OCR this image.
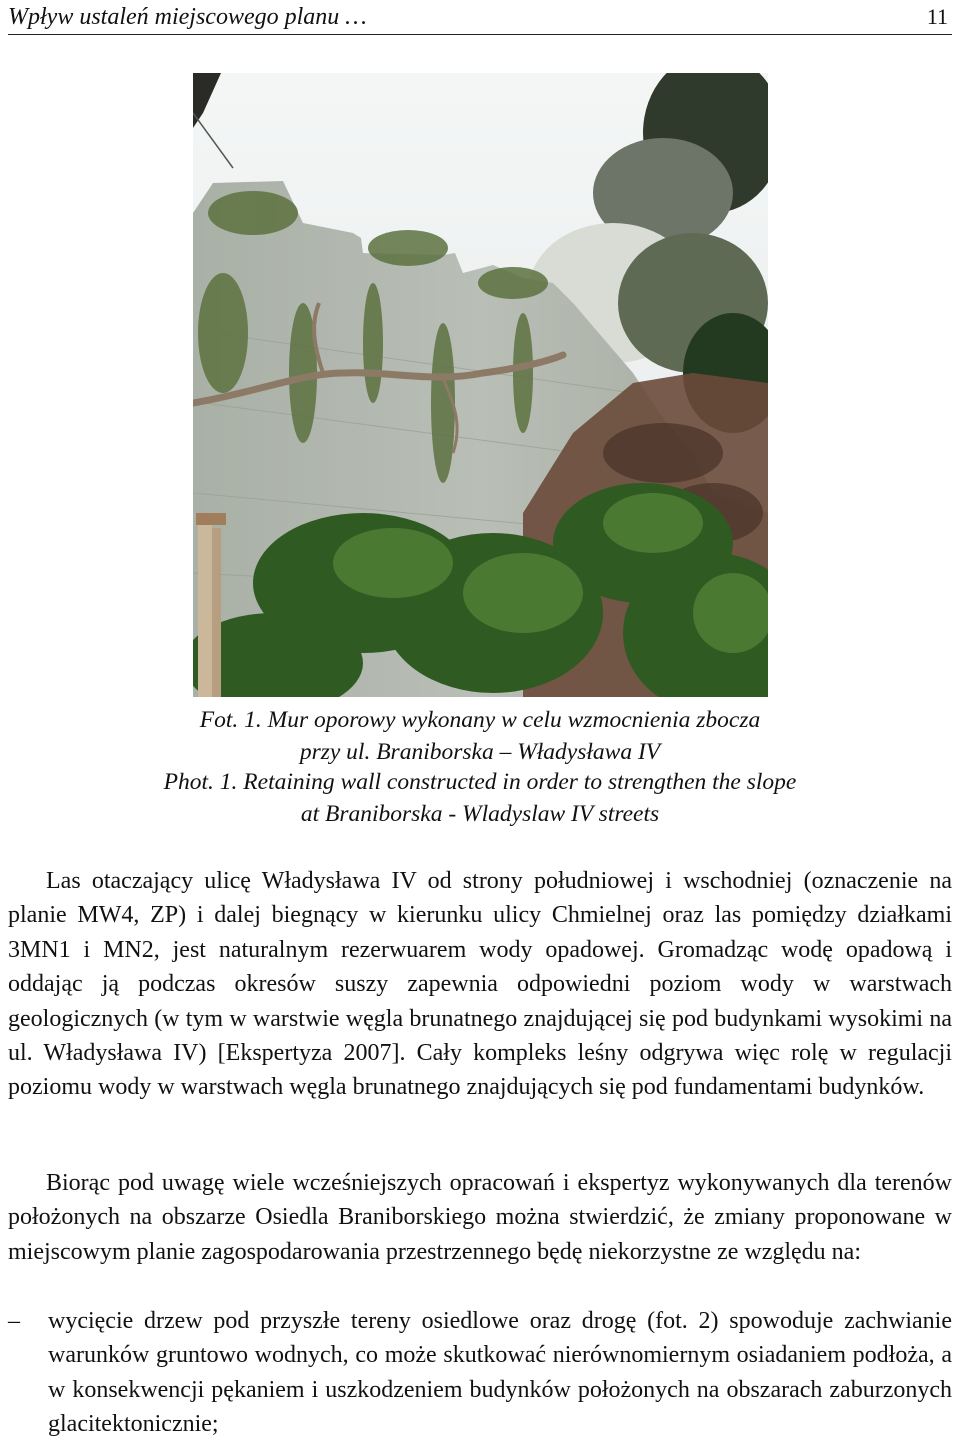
Wpływ ustaleń miejscowego planu …	11
Fot. 1. Mur oporowy wykonany w celu wzmocnienia zbocza
przy ul. Braniborska – Władysława IV
Phot. 1. Retaining wall constructed in order to strengthen the slope
at Braniborska - Wladyslaw IV streets
Las otaczający ulicę Władysława IV od strony południowej i wschodniej (oznaczenie na planie MW4, ZP) i dalej biegnący w kierunku ulicy Chmielnej oraz las pomiędzy działkami 3MN1 i MN2, jest naturalnym rezerwuarem wody opadowej. Gromadząc wodę opadową i oddając ją podczas okresów suszy zapewnia odpowiedni poziom wody w warstwach geologicznych (w tym w warstwie węgla brunatnego znajdującej się pod budynkami wysokimi na ul. Władysława IV) [Ekspertyza 2007]. Cały kompleks leśny odgrywa więc rolę w regulacji poziomu wody w warstwach węgla brunatnego znajdujących się pod fundamentami budynków.
Biorąc pod uwagę wiele wcześniejszych opracowań i ekspertyz wykonywanych dla terenów położonych na obszarze Osiedla Braniborskiego można stwierdzić, że zmiany proponowane w miejscowym planie zagospodarowania przestrzennego będę niekorzystne ze względu na:
– wycięcie drzew pod przyszłe tereny osiedlowe oraz drogę (fot. 2) spowoduje zachwianie warunków gruntowo wodnych, co może skutkować nierównomiernym osiadaniem podłoża, a w konsekwencji pękaniem i uszkodzeniem budynków położonych na obszarach zaburzonych glacitektonicznie;
